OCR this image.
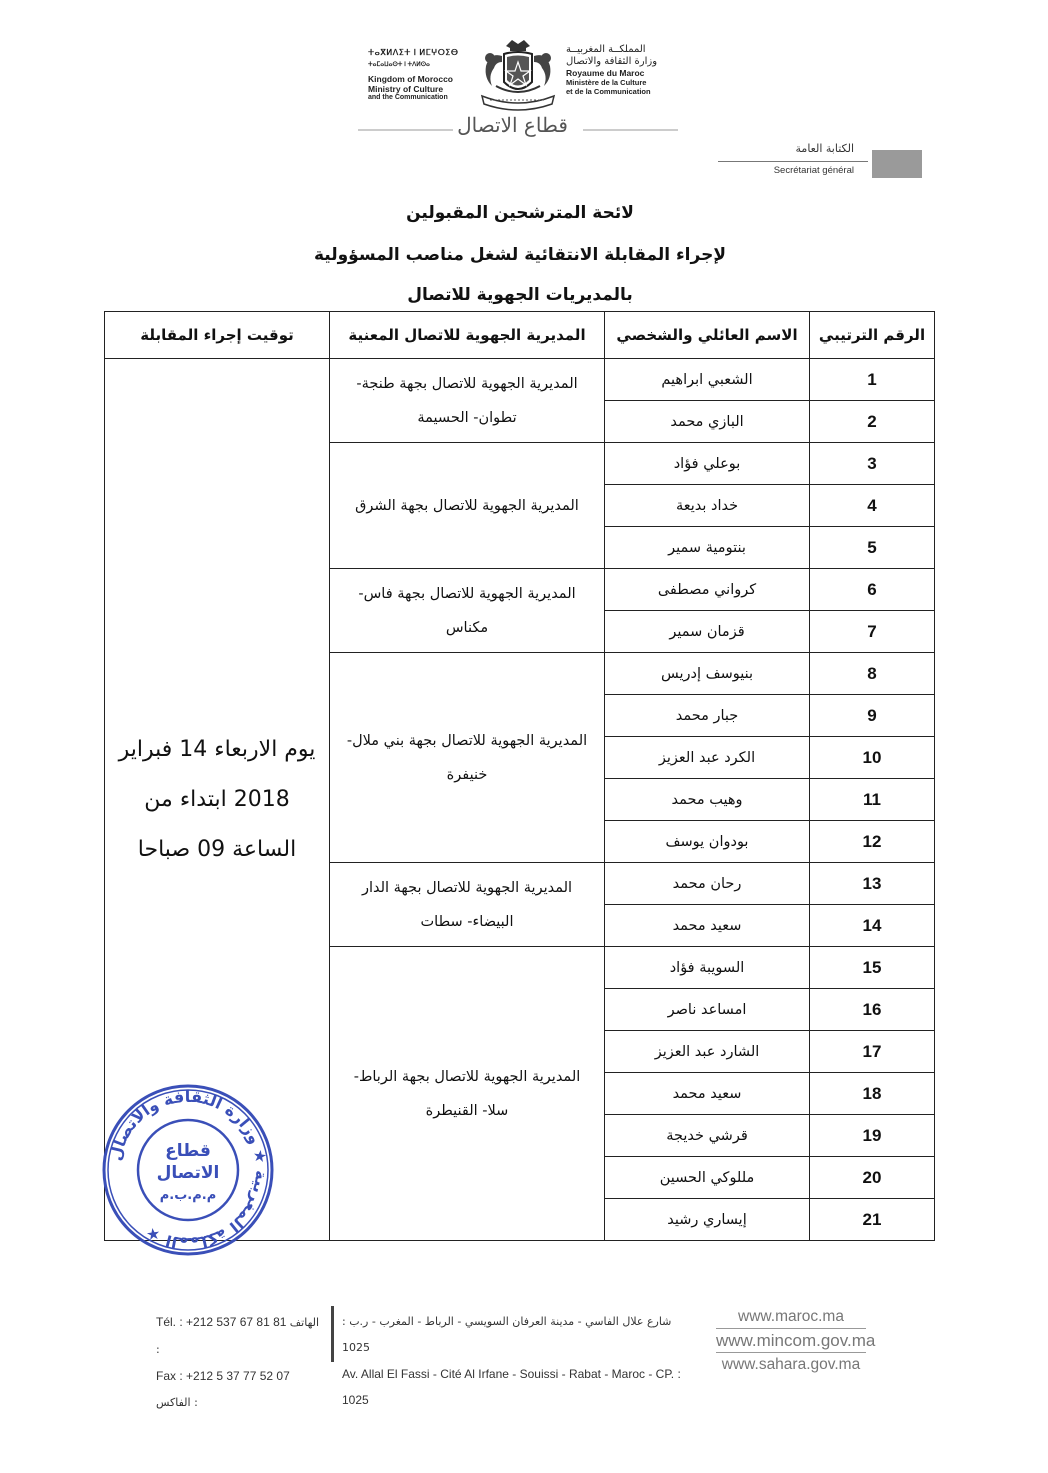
ⵜⴰⴳⵍⴷⵉⵜ ⵏ ⵍⵎⵖⵔⵉⴱ
ⵜⴰⵎⴰⵡⴰⵙⵜ ⵏ ⵜⴷⵍⵙⴰ
Kingdom of Morocco
Ministry of Culture
and the Communication
المملكــة المغربيــة
وزارة الثقافة والاتصال
Royaume du Maroc
Ministère de la Culture
et de la Communication
قطاع الاتصال
الكتابة العامة
Secrétariat général
لائحة المترشحين المقبولين
لإجراء المقابلة الانتقائية لشغل مناصب المسؤولية
بالمديريات الجهوية للاتصال
الرقم الترتيبي	الاسم العائلي والشخصي	المديرية الجهوية للاتصال المعنية	توقيت إجراء المقابلة
1	الشعبي ابراهيم	المديرية الجهوية للاتصال بجهة طنجة- تطوان- الحسيمة	يوم الاربعاء 14 فبراير 2018 ابتداء من الساعة 09 صباحا
2	البازي محمد		
3	بوعلي فؤاد	المديرية الجهوية للاتصال بجهة الشرق	
4	خداد بديعة		
5	بنتومية سمير		
6	كرواني مصطفى	المديرية الجهوية للاتصال بجهة فاس- مكناس	
7	قزمان سمير		
8	بنيوسف إدريس	المديرية الجهوية للاتصال بجهة بني ملال- خنيفرة	
9	جبار محمد		
10	الكرد عبد العزيز		
11	وهيب محمد		
12	بودوان يوسف		
13	رحان محمد	المديرية الجهوية للاتصال بجهة الدار البيضاء- سطات	
14	سعيد محمد		
15	السويبة فؤاد	المديرية الجهوية للاتصال بجهة الرباط- سلا- القنيطرة	
16	امساعد ناصر		
17	الشارد عبد العزيز		
18	سعيد محمد		
19	قرشي خديجة		
20	مللوكي الحسين		
21	إيساري رشيد		
المملكة المغربية ★ وزارة الثقافة والاتصال ★
قطاع
الاتصال
م.م.ب.م
Tél. : +212 537 67 81 81 الهاتف :
Fax : +212 5 37 77 52 07 الفاكس :
شارع علال الفاسي - مدينة العرفان السويسي - الرباط - المغرب - ر.ب : 1025
Av. Allal El Fassi - Cité Al Irfane - Souissi - Rabat - Maroc - CP. : 1025
www.maroc.ma
www.mincom.gov.ma
www.sahara.gov.ma
